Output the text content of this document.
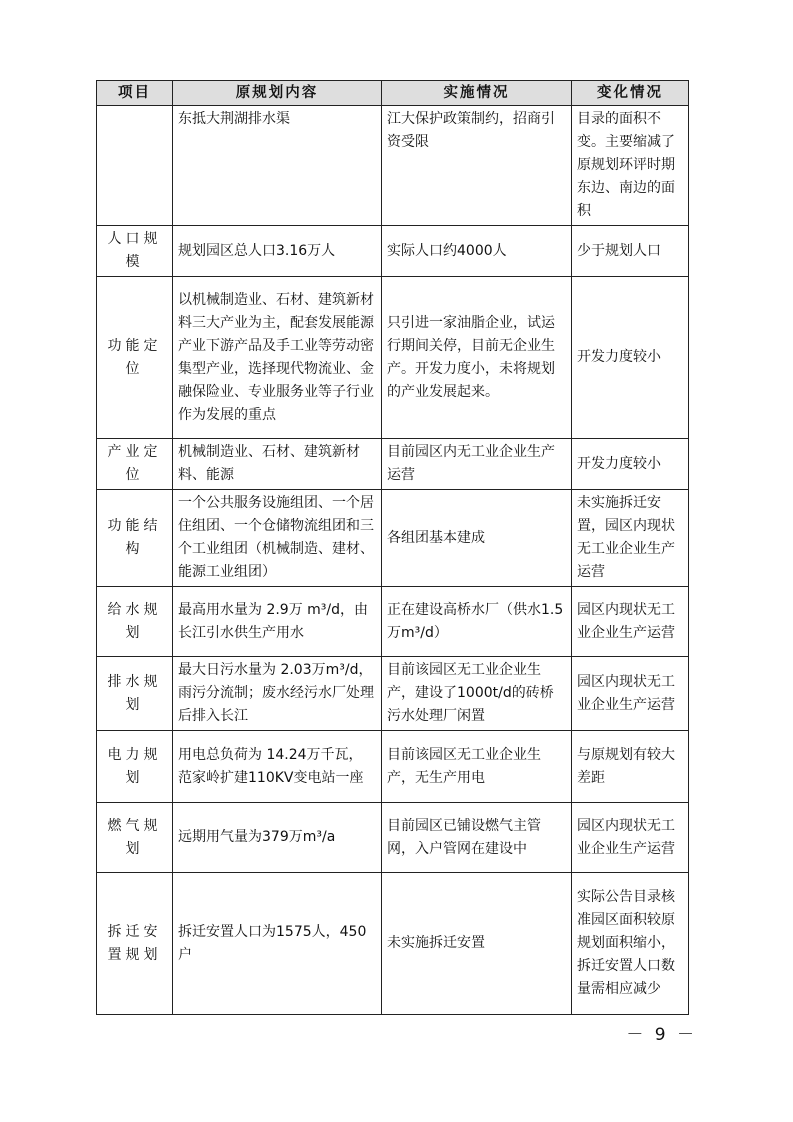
项目	原规划内容	实施情况	变化情况
	东抵大荆湖排水渠	江大保护政策制约，招商引资受限	目录的面积不变。主要缩减了原规划环评时期东边、南边的面积
人口规模	规划园区总人口3.16万人	实际人口约4000人	少于规划人口
功能定位	以机械制造业、石材、建筑新材料三大产业为主，配套发展能源产业下游产品及手工业等劳动密集型产业，选择现代物流业、金融保险业、专业服务业等子行业作为发展的重点	只引进一家油脂企业，试运行期间关停，目前无企业生产。开发力度小，未将规划的产业发展起来。	开发力度较小
产业定位	机械制造业、石材、建筑新材料、能源	目前园区内无工业企业生产运营	开发力度较小
功能结构	一个公共服务设施组团、一个居住组团、一个仓储物流组团和三个工业组团（机械制造、建材、能源工业组团）	各组团基本建成	未实施拆迁安置，园区内现状无工业企业生产运营
给水规划	最高用水量为 2.9万 m³/d，由长江引水供生产用水	正在建设高桥水厂（供水1.5万m³/d）	园区内现状无工业企业生产运营
排水规划	最大日污水量为 2.03万m³/d，雨污分流制；废水经污水厂处理后排入长江	目前该园区无工业企业生产，建设了1000t/d的砖桥污水处理厂闲置	园区内现状无工业企业生产运营
电力规划	用电总负荷为 14.24万千瓦，范家岭扩建110KV变电站一座	目前该园区无工业企业生产，无生产用电	与原规划有较大差距
燃气规划	远期用气量为379万m³/a	目前园区已铺设燃气主管网，入户管网在建设中	园区内现状无工业企业生产运营
拆迁安置规划	拆迁安置人口为1575人，450户	未实施拆迁安置	实际公告目录核准园区面积较原规划面积缩小，拆迁安置人口数量需相应减少
－ 9 －
